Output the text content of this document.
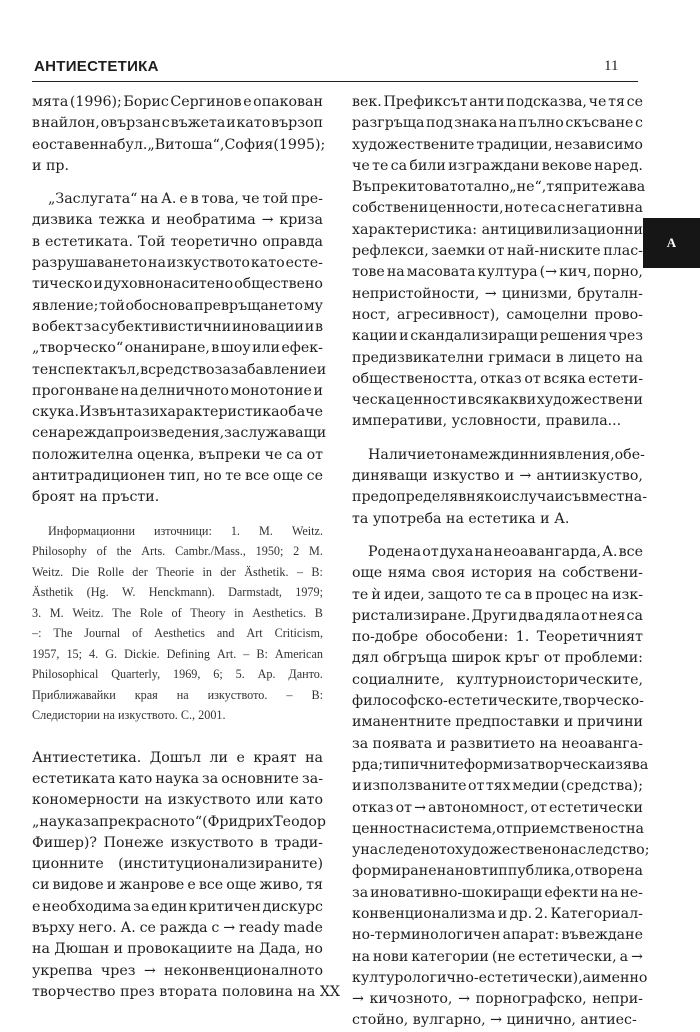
АНТИЕСТЕТИКА	11
А
мята (1996); Борис Сергинов е опакован
в найлон, овързан с въжета и като вързоп
е оставен на бул. „Витоша“, София (1995);
и пр.
„Заслугата“ на А. е в това, че той пре-
дизвика тежка и необратима → криза
в естетиката. Той теоретично оправда
разрушаването на изкуството като есте-
тическо и духовнонаситено обществено
явление; той обоснова превръщането му
в обект за субективистични иновации и в
„творческо“ онаниране, в шоу или ефек-
тен спектакъл, в средство за забавление и
прогонване на делничното монотоние и
скука. Извън тази характеристика обаче
се нарежда произведения, заслужаващи
положителна оценка, въпреки че са от
антитрадиционен тип, но те все още се
броят на пръсти.
Информационни източници: 1. M. Weitz.
Philosophy of the Arts. Cambr./Mass., 1950; 2 M.
Weitz. Die Rolle der Theorie in der Ästhetik. – В:
Ästhetik (Hg. W. Henckmann). Darmstadt, 1979;
3. M. Weitz. The Role of Theory in Aesthetics. В
–: The Journal of Aesthetics and Art Criticism,
1957, 15; 4. G. Dickie. Defining Art. – В: American
Philosophical Quarterly, 1969, 6; 5. Ар. Данто.
Приближавайки края на изкуството. – В:
Следистории на изкуството. С., 2001.
Антиестетика. Дошъл ли е краят на
естетиката като наука за основните за-
кономерности на изкуството или като
„наука за прекрасното“ (Фридрих Теодор
Фишер)? Понеже изкуството в тради-
ционните (институционализираните)
си видове и жанрове е все още живо, тя
е необходима за един критичен дискурс
върху него. А. се ражда с → ready made
на Дюшан и провокациите на Дада, но
укрепва чрез → неконвенционалното
творчество през втората половина на XX
век. Префиксът анти подсказва, че тя се
разгръща под знака на пълно скъсване с
художествените традиции, независимо
че те са били изграждани векове наред.
Въпреки това тотално „не“, тя притежава
собствени ценности, но те са с негативна
характеристика: антицивилизационни
рефлекси, заемки от най-ниските плас-
тове на масовата култура (→ кич, порно,
непристойности, → цинизми, бруталн-
ност, агресивност), самоцелни прово-
кации и скандализиращи решения чрез
предизвикателни гримаси в лицето на
обществеността, отказ от всяка естети-
ческа ценност и всякакви художествени
императиви, условности, правила...
Наличието на междинни явления, обе-
диняващи изкуство и → антиизкуство,
предопределя в някои случаи съвместна-
та употреба на естетика и А.
Родена от духа на неоавангарда, А. все
още няма своя история на собствени-
те ѝ идеи, защото те са в процес на изк-
ристализиране. Други два дяла от нея са
по-добре обособени: 1. Теоретичният
дял обгръща широк кръг от проблеми:
социалните, културноисторическите,
философско-естетическите, творческо-
иманентните предпоставки и причини
за появата и развитието на неоаванга-
рда; типичните форми за творческа изява
и използваните от тях медии (средства);
отказ от → автономност, от естетически
ценностна система, от приемственост на
унаследеното художествено наследство;
формиране на нов тип публика, отворена
за иновативно-шокиращи ефекти на не-
конвенционализма и др. 2. Категориал-
но-терминологичен апарат: въвеждане
на нови категории (не естетически, а →
културологично-естетически), а именно
→ кичозното, → порнографско, непри-
стойно, вулгарно, → цинично, антиес-
